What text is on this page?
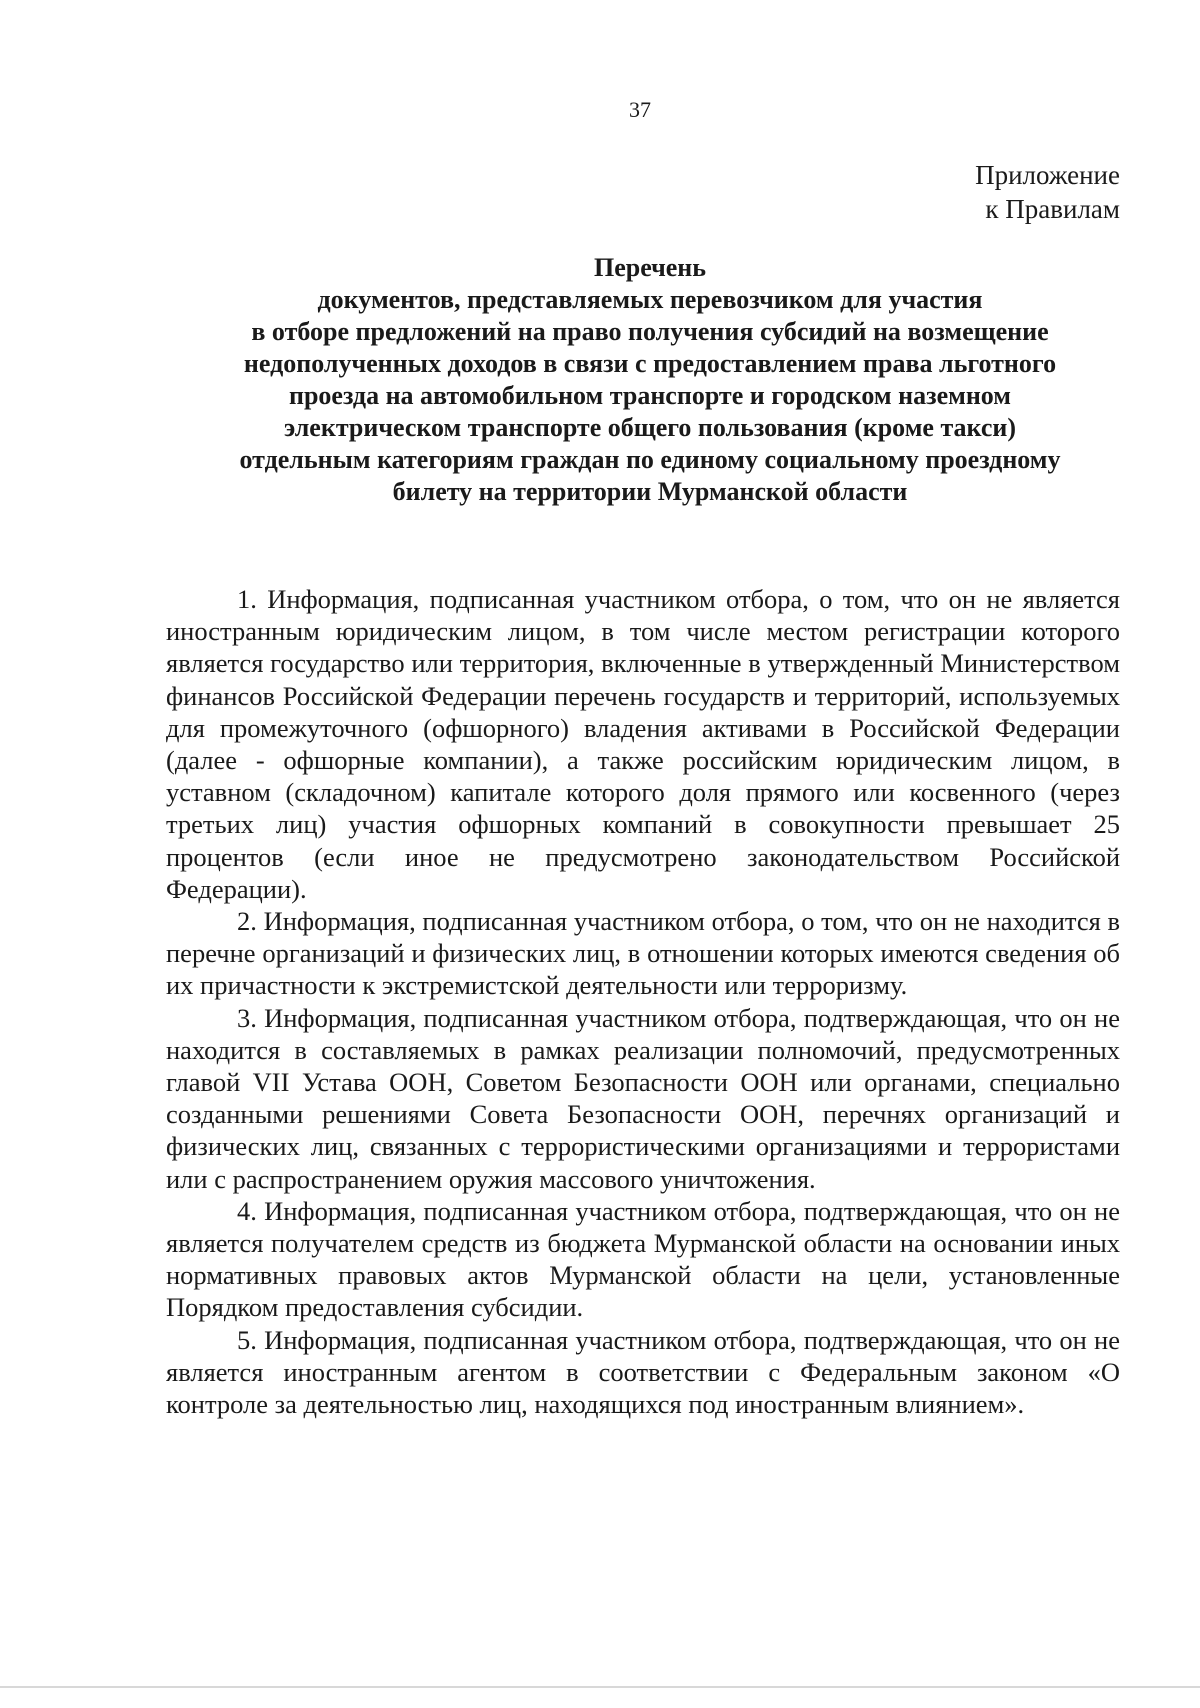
37
Приложение
к Правилам
Перечень
документов, представляемых перевозчиком для участия
в отборе предложений на право получения субсидий на возмещение
недополученных доходов в связи с предоставлением права льготного
проезда на автомобильном транспорте и городском наземном
электрическом транспорте общего пользования (кроме такси)
отдельным категориям граждан по единому социальному проездному
билету на территории Мурманской области

1. Информация, подписанная участником отбора, о том, что он не является иностранным юридическим лицом, в том числе местом регистрации которого является государство или территория, включенные в утвержденный Министерством финансов Российской Федерации перечень государств и территорий, используемых для промежуточного (офшорного) владения активами в Российской Федерации (далее - офшорные компании), а также российским юридическим лицом, в уставном (складочном) капитале которого доля прямого или косвенного (через третьих лиц) участия офшорных компаний в совокупности превышает 25 процентов (если иное не предусмотрено законодательством Российской Федерации).

2. Информация, подписанная участником отбора, о том, что он не находится в перечне организаций и физических лиц, в отношении которых имеются сведения об их причастности к экстремистской деятельности или терроризму.

3. Информация, подписанная участником отбора, подтверждающая, что он не находится в составляемых в рамках реализации полномочий, предусмотренных главой VII Устава ООН, Советом Безопасности ООН или органами, специально созданными решениями Совета Безопасности ООН, перечнях организаций и физических лиц, связанных с террористическими организациями и террористами или с распространением оружия массового уничтожения.

4. Информация, подписанная участником отбора, подтверждающая, что он не является получателем средств из бюджета Мурманской области на основании иных нормативных правовых актов Мурманской области на цели, установленные Порядком предоставления субсидии.

5. Информация, подписанная участником отбора, подтверждающая, что он не является иностранным агентом в соответствии с Федеральным законом «О контроле за деятельностью лиц, находящихся под иностранным влиянием».
